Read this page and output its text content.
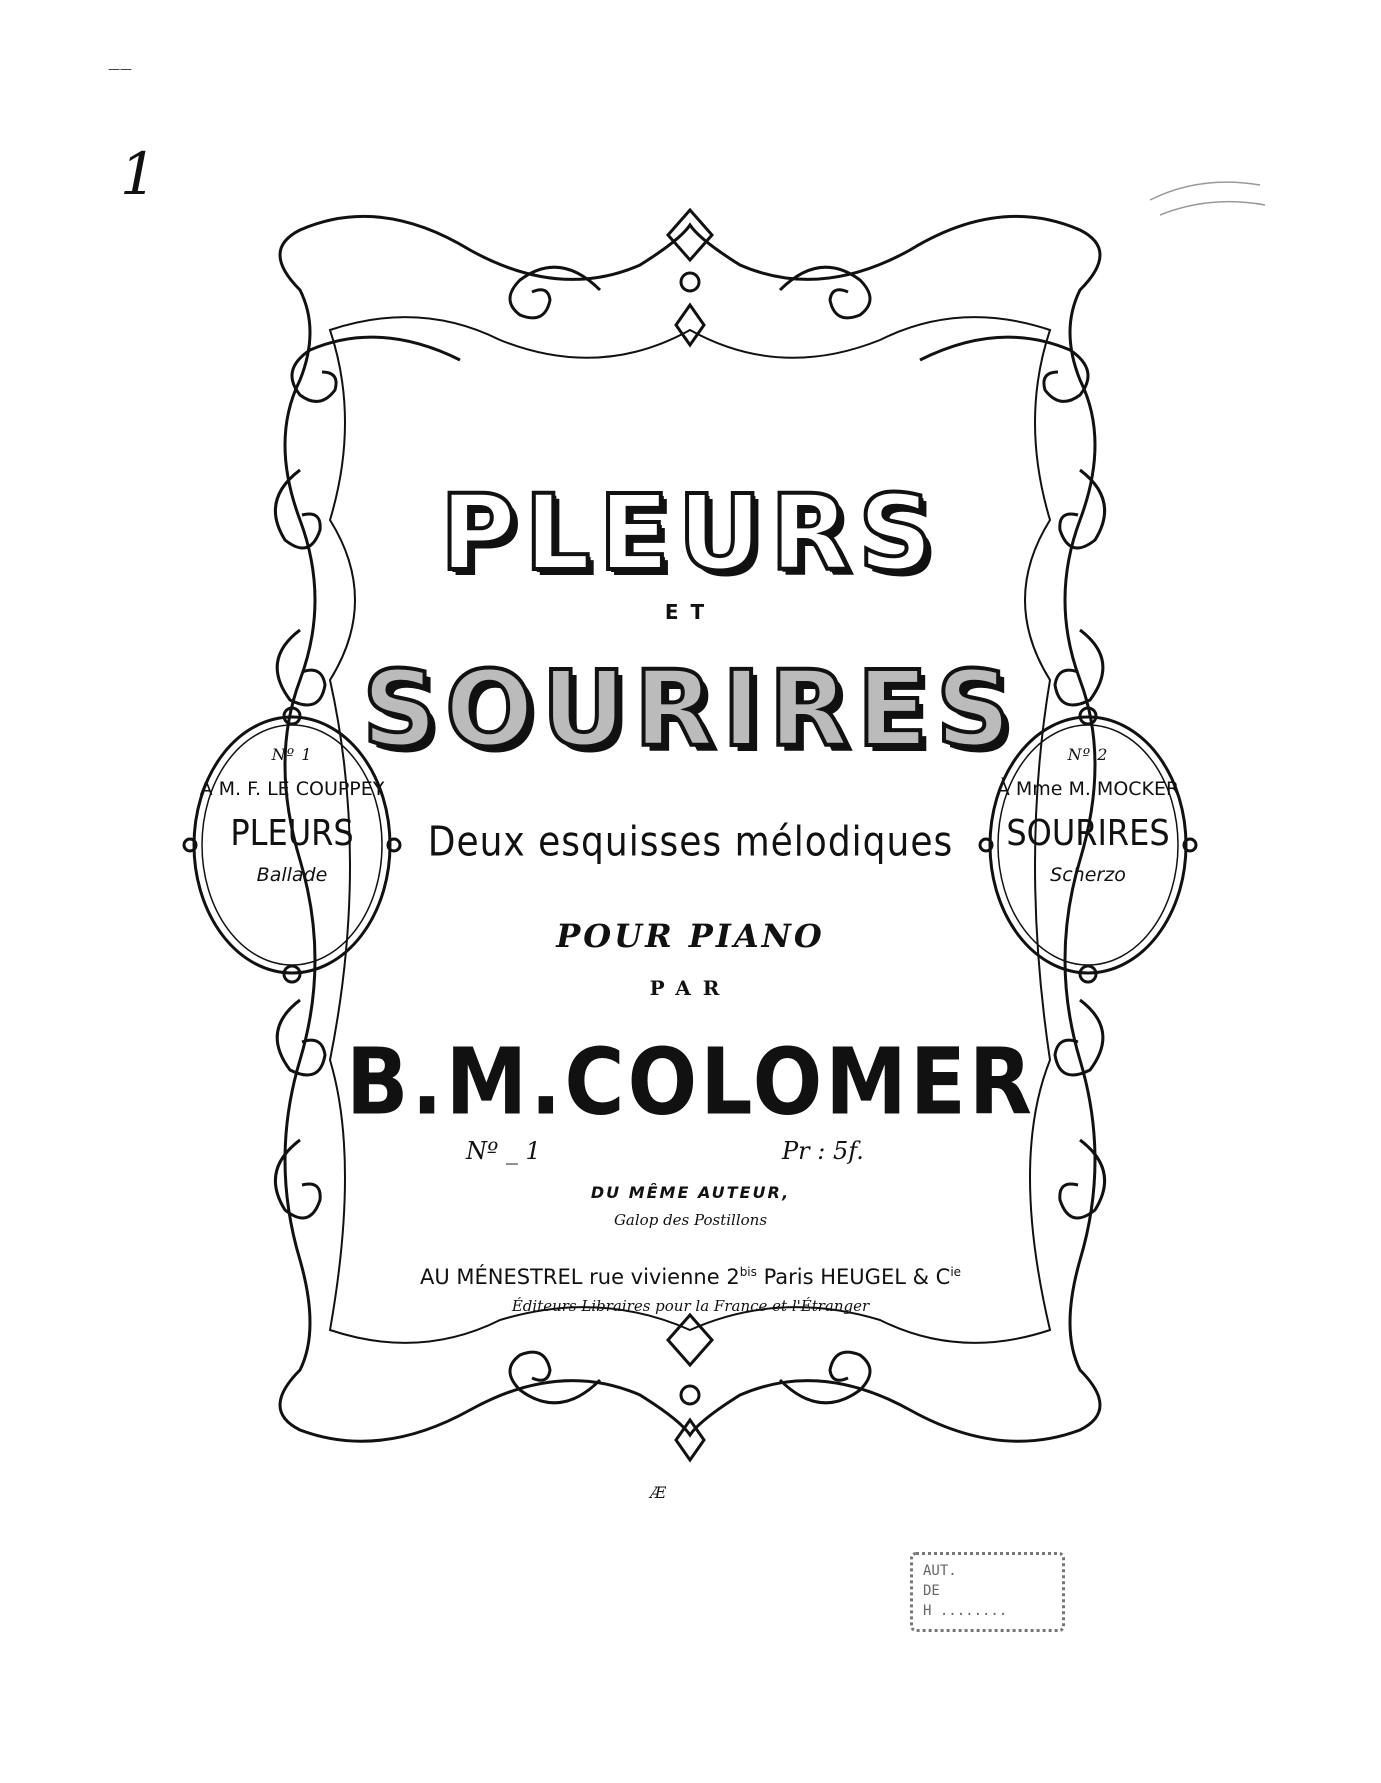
——
1
PLEURS
ET
SOURIRES
Deux esquisses mélodiques
POUR PIANO
PAR
B.M.COLOMER
Nº _ 1	Pr : 5f.
DU MÊME AUTEUR,
Galop des Postillons
AU MÉNESTREL rue vivienne $2^{bis}$ Paris HEUGEL & $C^{ie}$
Éditeurs Libraires pour la France et l'Étranger
Nº 1
A M. F. LE COUPPEY
PLEURS
Ballade
Nº 2
À Mme M. MOCKER
SOURIRES
Scherzo
Æ
AUT.
DE
H ........
